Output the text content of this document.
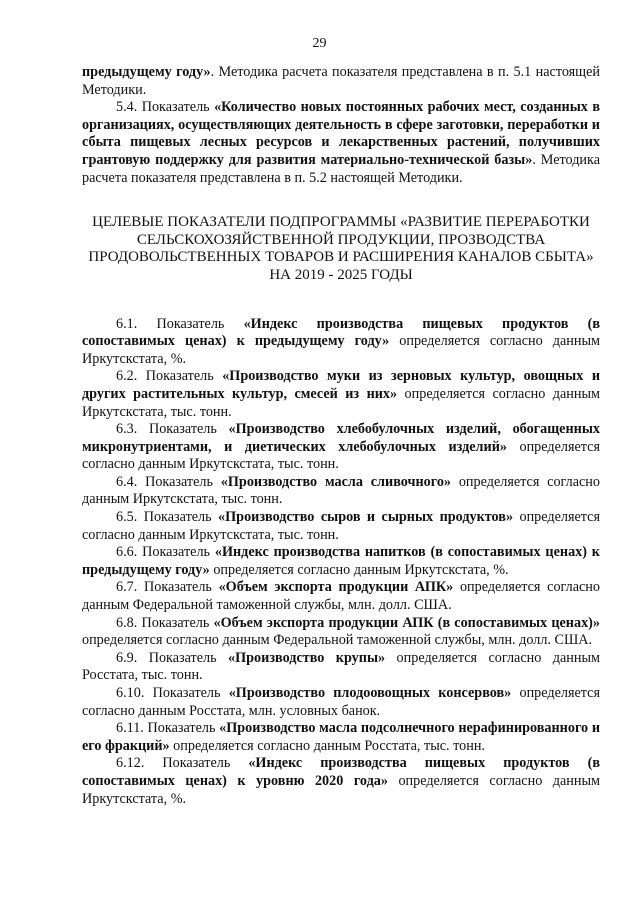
29

предыдущему году». Методика расчета показателя представлена в п. 5.1 настоящей Методики.

5.4. Показатель «Количество новых постоянных рабочих мест, созданных в организациях, осуществляющих деятельность в сфере заготовки, переработки и сбыта пищевых лесных ресурсов и лекарственных растений, получивших грантовую поддержку для развития материально-технической базы». Методика расчета показателя представлена в п. 5.2 настоящей Методики.

ЦЕЛЕВЫЕ ПОКАЗАТЕЛИ ПОДПРОГРАММЫ «РАЗВИТИЕ ПЕРЕРАБОТКИ
СЕЛЬСКОХОЗЯЙСТВЕННОЙ ПРОДУКЦИИ, ПРОЗВОДСТВА
ПРОДОВОЛЬСТВЕННЫХ ТОВАРОВ И РАСШИРЕНИЯ КАНАЛОВ СБЫТА»
НА 2019 - 2025 ГОДЫ

6.1. Показатель «Индекс производства пищевых продуктов (в сопоставимых ценах) к предыдущему году» определяется согласно данным Иркутскстата, %.

6.2. Показатель «Производство муки из зерновых культур, овощных и других растительных культур, смесей из них» определяется согласно данным Иркутскстата, тыс. тонн.

6.3. Показатель «Производство хлебобулочных изделий, обогащенных микронутриентами, и диетических хлебобулочных изделий» определяется согласно данным Иркутскстата, тыс. тонн.

6.4. Показатель «Производство масла сливочного» определяется согласно данным Иркутскстата, тыс. тонн.

6.5. Показатель «Производство сыров и сырных продуктов» определяется согласно данным Иркутскстата, тыс. тонн.

6.6. Показатель «Индекс производства напитков (в сопоставимых ценах) к предыдущему году» определяется согласно данным Иркутскстата, %.

6.7. Показатель «Объем экспорта продукции АПК» определяется согласно данным Федеральной таможенной службы, млн. долл. США.

6.8. Показатель «Объем экспорта продукции АПК (в сопоставимых ценах)» определяется согласно данным Федеральной таможенной службы, млн. долл. США.

6.9. Показатель «Производство крупы» определяется согласно данным Росстата, тыс. тонн.

6.10. Показатель «Производство плодоовощных консервов» определяется согласно данным Росстата, млн. условных банок.

6.11. Показатель «Производство масла подсолнечного нерафинированного и его фракций» определяется согласно данным Росстата, тыс. тонн.

6.12. Показатель «Индекс производства пищевых продуктов (в сопоставимых ценах) к уровню 2020 года» определяется согласно данным Иркутскстата, %.
